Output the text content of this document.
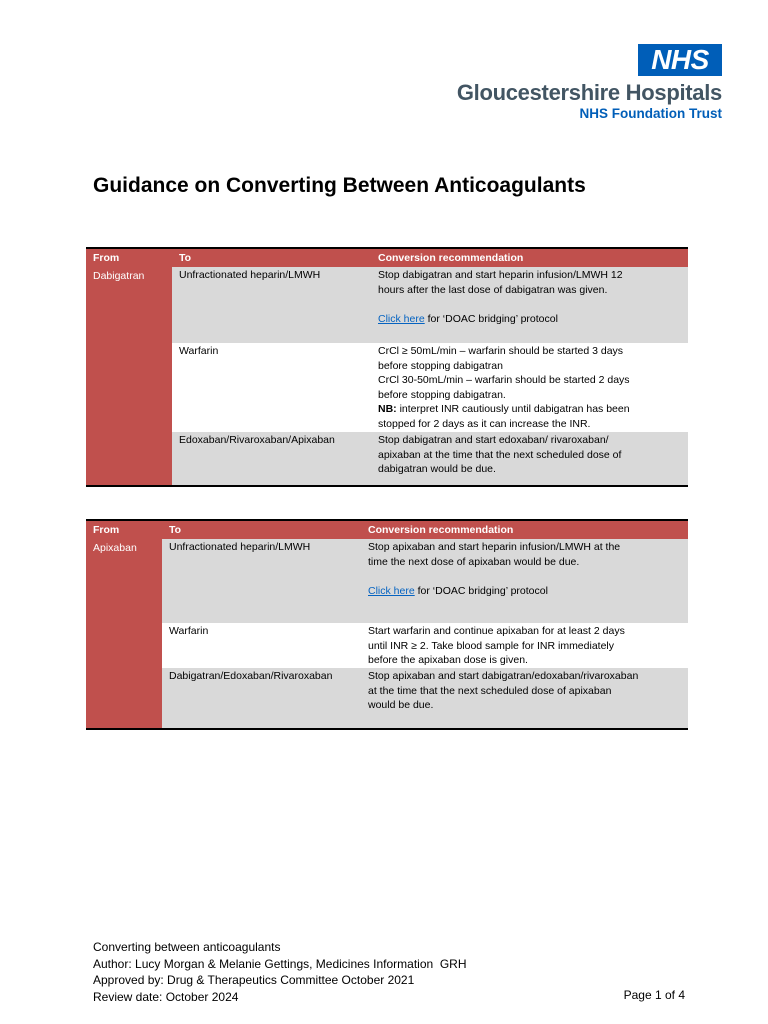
NHS
Gloucestershire Hospitals
NHS Foundation Trust
Guidance on Converting Between Anticoagulants
From	To	Conversion recommendation
Dabigatran	Unfractionated heparin/LMWH	Stop dabigatran and start heparin infusion/LMWH 12
hours after the last dose of dabigatran was given.
Click here for ‘DOAC bridging’ protocol
Warfarin	CrCl ≥ 50mL/min – warfarin should be started 3 days
before stopping dabigatran
CrCl 30-50mL/min – warfarin should be started 2 days
before stopping dabigatran.
NB: interpret INR cautiously until dabigatran has been
stopped for 2 days as it can increase the INR.
Edoxaban/Rivaroxaban/Apixaban	Stop dabigatran and start edoxaban/ rivaroxaban/
apixaban at the time that the next scheduled dose of
dabigatran would be due.
From	To	Conversion recommendation
Apixaban	Unfractionated heparin/LMWH	Stop apixaban and start heparin infusion/LMWH at the
time the next dose of apixaban would be due.
Click here for ‘DOAC bridging’ protocol
Warfarin	Start warfarin and continue apixaban for at least 2 days
until INR ≥ 2. Take blood sample for INR immediately
before the apixaban dose is given.
Dabigatran/Edoxaban/Rivaroxaban	Stop apixaban and start dabigatran/edoxaban/rivaroxaban
at the time that the next scheduled dose of apixaban
would be due.
Converting between anticoagulants
Author: Lucy Morgan & Melanie Gettings, Medicines Information  GRH
Approved by: Drug & Therapeutics Committee October 2021
Review date: October 2024	Page 1 of 4
